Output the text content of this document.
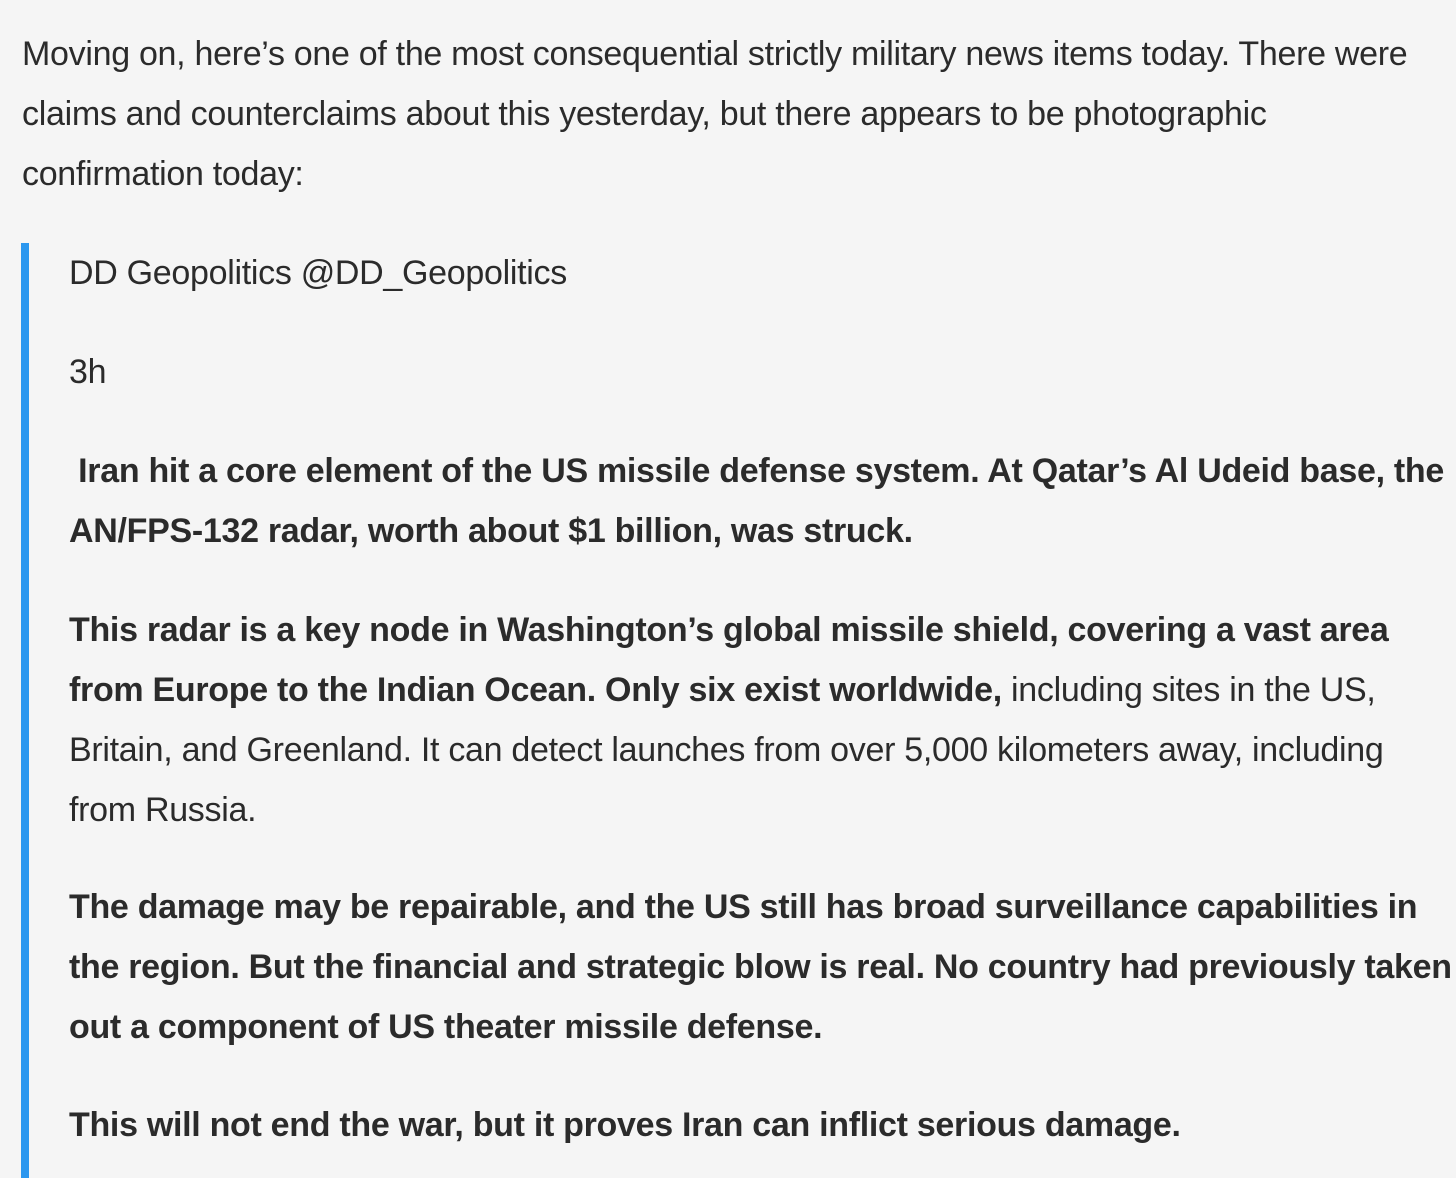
Moving on, here’s one of the most consequential strictly military news items today. There were claims and counterclaims about this yesterday, but there appears to be photographic confirmation today:

DD Geopolitics @DD_Geopolitics

3h

Iran hit a core element of the US missile defense system. At Qatar’s Al Udeid base, the AN/FPS-132 radar, worth about $1 billion, was struck.

This radar is a key node in Washington’s global missile shield, covering a vast area from Europe to the Indian Ocean. Only six exist worldwide, including sites in the US, Britain, and Greenland. It can detect launches from over 5,000 kilometers away, including from Russia.

The damage may be repairable, and the US still has broad surveillance capabilities in the region. But the financial and strategic blow is real. No country had previously taken out a component of US theater missile defense.

This will not end the war, but it proves Iran can inflict serious damage.
